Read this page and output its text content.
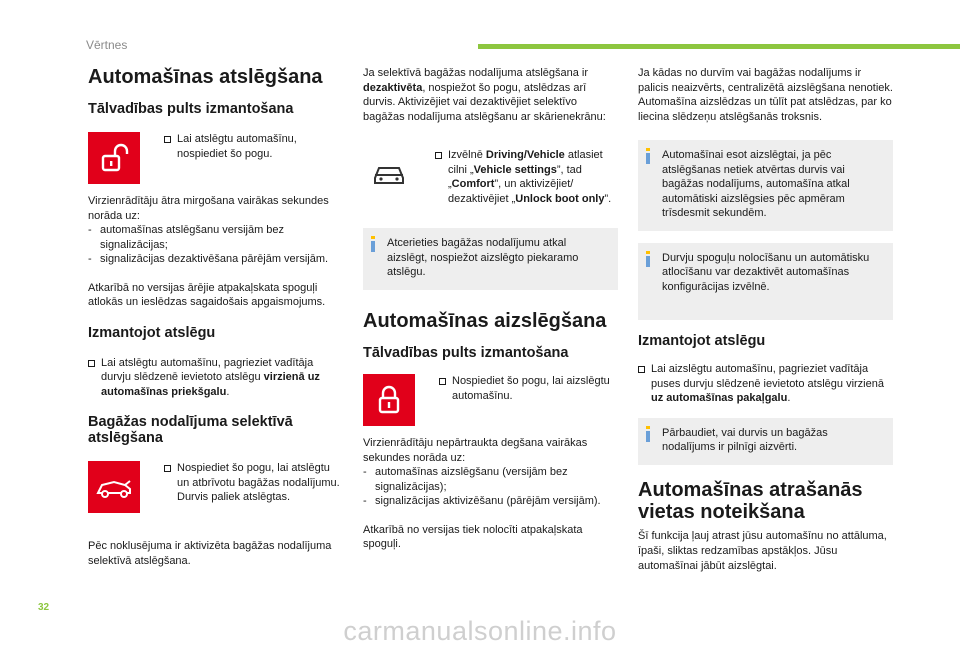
Vērtnes
Automašīnas atslēgšana
Tālvadības pults izmantošana
Lai atslēgtu automašīnu, nospiediet šo pogu.

Virzienrādītāju ātra mirgošana vairākas sekundes norāda uz:

- automašīnas atslēgšanu versijām bez signalizācijas;
- signalizācijas dezaktivēšana pārējām versijām.

Atkarībā no versijas ārējie atpakaļskata spoguļi atlokās un ieslēdzas sagaidošais apgaismojums.

Izmantojot atslēgu
Lai atslēgtu automašīnu, pagrieziet vadītāja durvju slēdzenē ievietoto atslēgu virzienā uz automašīnas priekšgalu.
Bagāžas nodalījuma selektīvā atslēgšana
Nospiediet šo pogu, lai atslēgtu un atbrīvotu bagāžas nodalījumu. Durvis paliek atslēgtas.

Pēc noklusējuma ir aktivizēta bagāžas nodalījuma selektīvā atslēgšana.

Ja selektīvā bagāžas nodalījuma atslēgšana ir dezaktivēta, nospiežot šo pogu, atslēdzas arī durvis. Aktivizējiet vai dezaktivējiet selektīvo bagāžas nodalījuma atslēgšanu ar skārienekrānu:

Izvēlnē Driving/Vehicle atlasiet cilni „Vehicle settings”, tad „Comfort”, un aktivizējiet/ dezaktivējiet „Unlock boot only”.
Atcerieties bagāžas nodalījumu atkal aizslēgt, nospiežot aizslēgto piekaramo atslēgu.
Automašīnas aizslēgšana
Tālvadības pults izmantošana
Nospiediet šo pogu, lai aizslēgtu automašīnu.

Virzienrādītāju nepārtraukta degšana vairākas sekundes norāda uz:

- automašīnas aizslēgšanu (versijām bez signalizācijas);
- signalizācijas aktivizēšanu (pārējām versijām).

Atkarībā no versijas tiek nolocīti atpakaļskata spoguļi.

Ja kādas no durvīm vai bagāžas nodalījums ir palicis neaizvērts, centralizētā aizslēgšana nenotiek. Automašīna aizslēdzas un tūlīt pat atslēdzas, par ko liecina slēdzeņu atslēgšanās troksnis.

Automašīnai esot aizslēgtai, ja pēc atslēgšanas netiek atvērtas durvis vai bagāžas nodalījums, automašīna atkal automātiski aizslēgsies pēc apmēram trīsdesmit sekundēm.
Durvju spoguļu nolocīšanu un automātisku atlocīšanu var dezaktivēt automašīnas konfigurācijas izvēlnē.
Izmantojot atslēgu
Lai aizslēgtu automašīnu, pagrieziet vadītāja puses durvju slēdzenē ievietoto atslēgu virzienā uz automašīnas pakaļgalu.
Pārbaudiet, vai durvis un bagāžas nodalījums ir pilnīgi aizvērti.
Automašīnas atrašanās vietas noteikšana

Šī funkcija ļauj atrast jūsu automašīnu no attāluma, īpaši, sliktas redzamības apstākļos. Jūsu automašīnai jābūt aizslēgtai.

32
carmanualsonline.info
